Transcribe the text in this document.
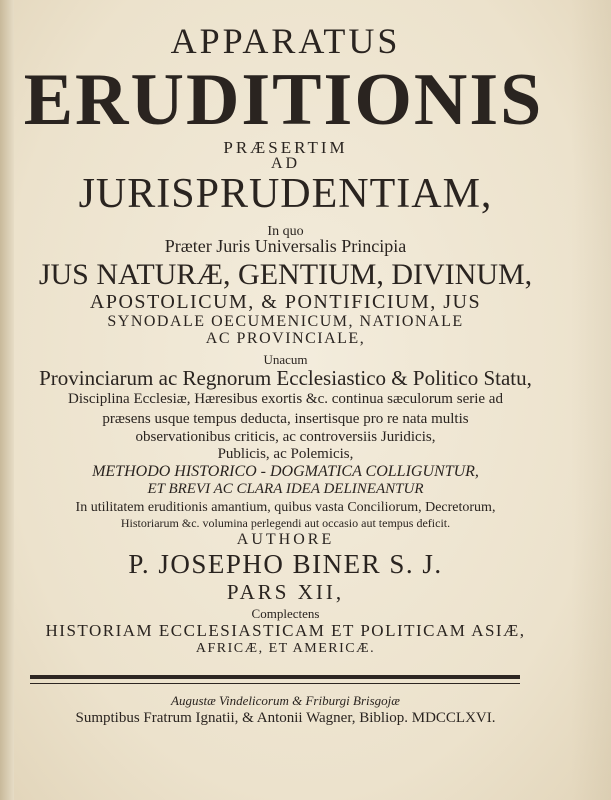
APPARATUS
ERUDITIONIS
PRÆSERTIM
AD
JURISPRUDENTIAM,
In quo
Præter Juris Universalis Principia
JUS NATURÆ, GENTIUM, DIVINUM,
APOSTOLICUM, & PONTIFICIUM, JUS
SYNODALE OECUMENICUM, NATIONALE
AC PROVINCIALE,
Unacum
Provinciarum ac Regnorum Ecclesiastico & Politico Statu,
Disciplina Ecclesiæ, Hæresibus exortis &c. continua sæculorum serie ad
præsens usque tempus deducta, insertisque pro re nata multis
observationibus criticis, ac controversiis Juridicis,
Publicis, ac Polemicis,
METHODO HISTORICO - DOGMATICA COLLIGUNTUR,
ET BREVI AC CLARA IDEA DELINEANTUR
In utilitatem eruditionis amantium, quibus vasta Conciliorum, Decretorum,
Historiarum &c. volumina perlegendi aut occasio aut tempus deficit.
AUTHORE
P. JOSEPHO BINER S. J.
PARS XII,
Complectens
HISTORIAM ECCLESIASTICAM ET POLITICAM ASIÆ,
AFRICÆ, ET AMERICÆ.
Augustæ Vindelicorum & Friburgi Brisgojæ
Sumptibus Fratrum Ignatii, & Antonii Wagner, Bibliop. MDCCLXVI.
